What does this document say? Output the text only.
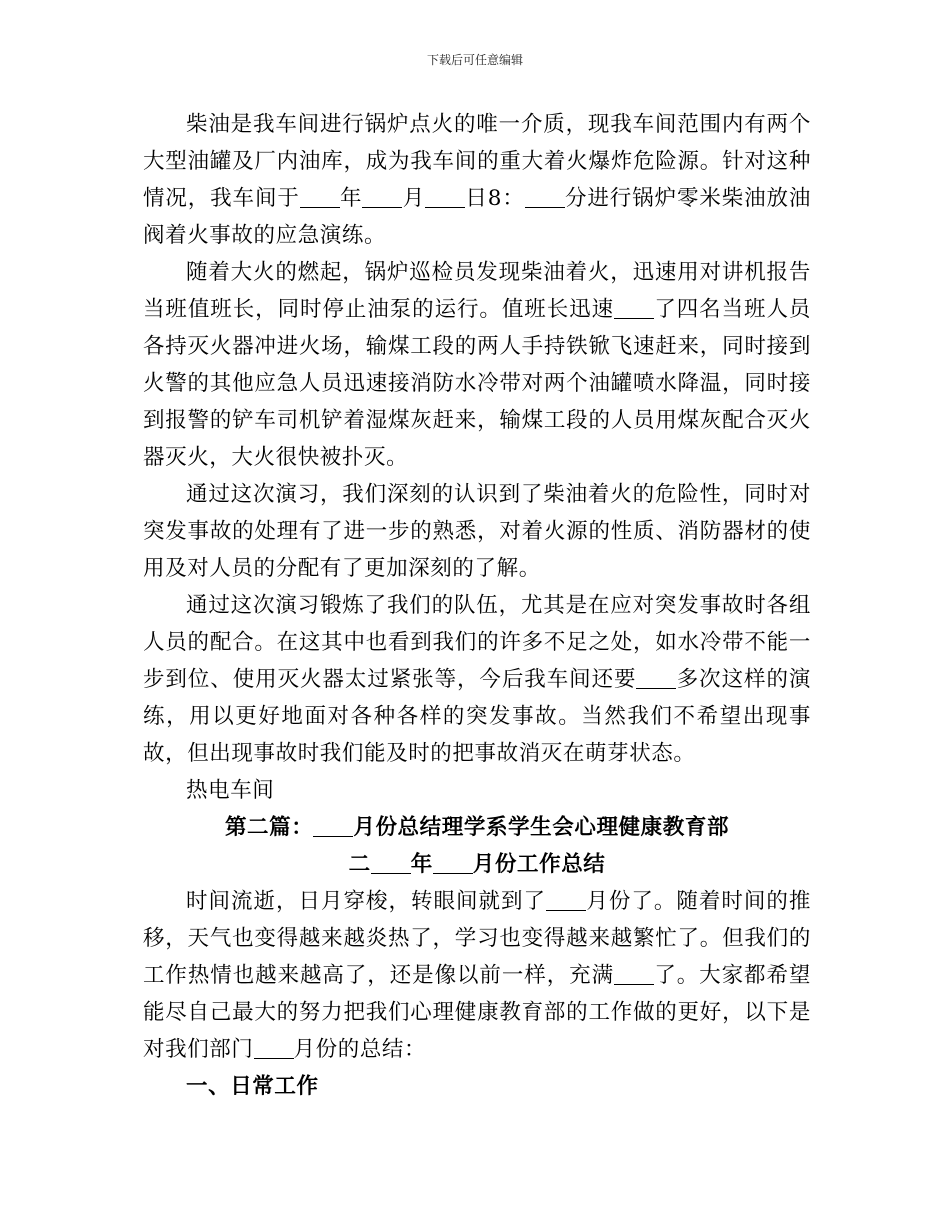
下载后可任意编辑

柴油是我车间进行锅炉点火的唯一介质，现我车间范围内有两个大型油罐及厂内油库，成为我车间的重大着火爆炸危险源。针对这种情况，我车间于 年 月 日8： 分进行锅炉零米柴油放油阀着火事故的应急演练。

随着大火的燃起，锅炉巡检员发现柴油着火，迅速用对讲机报告当班值班长，同时停止油泵的运行。值班长迅速 了四名当班人员各持灭火器冲进火场，输煤工段的两人手持铁锨飞速赶来，同时接到火警的其他应急人员迅速接消防水冷带对两个油罐喷水降温，同时接到报警的铲车司机铲着湿煤灰赶来，输煤工段的人员用煤灰配合灭火器灭火，大火很快被扑灭。

通过这次演习，我们深刻的认识到了柴油着火的危险性，同时对突发事故的处理有了进一步的熟悉，对着火源的性质、消防器材的使用及对人员的分配有了更加深刻的了解。

通过这次演习锻炼了我们的队伍，尤其是在应对突发事故时各组人员的配合。在这其中也看到我们的许多不足之处，如水冷带不能一步到位、使用灭火器太过紧张等，今后我车间还要 多次这样的演练，用以更好地面对各种各样的突发事故。当然我们不希望出现事故，但出现事故时我们能及时的把事故消灭在萌芽状态。

热电车间

第二篇： 月份总结理学系学生会心理健康教育部

二 年 月份工作总结

时间流逝，日月穿梭，转眼间就到了 月份了。随着时间的推移，天气也变得越来越炎热了，学习也变得越来越繁忙了。但我们的工作热情也越来越高了，还是像以前一样，充满 了。大家都希望能尽自己最大的努力把我们心理健康教育部的工作做的更好，以下是对我们部门 月份的总结：

一、日常工作
